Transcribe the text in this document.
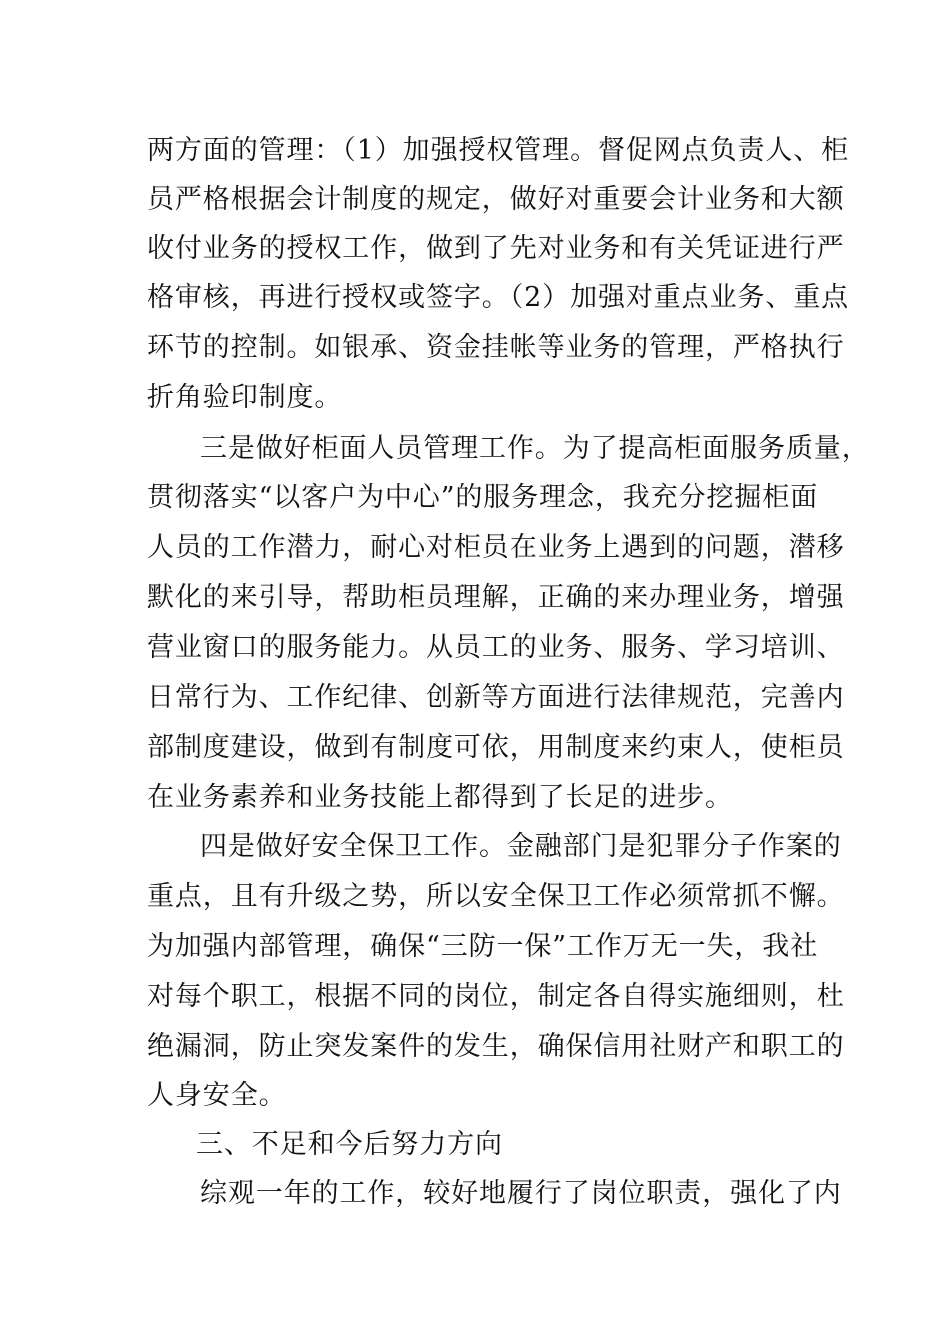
两方面的管理：（1）加强授权管理。督促网点负责人、柜
员严格根据会计制度的规定，做好对重要会计业务和大额
收付业务的授权工作，做到了先对业务和有关凭证进行严
格审核，再进行授权或签字。（2）加强对重点业务、重点
环节的控制。如银承、资金挂帐等业务的管理，严格执行
折角验印制度。
三是做好柜面人员管理工作。为了提高柜面服务质量，
贯彻落实“以客户为中心”的服务理念，我充分挖掘柜面
人员的工作潜力，耐心对柜员在业务上遇到的问题，潜移
默化的来引导，帮助柜员理解，正确的来办理业务，增强
营业窗口的服务能力。从员工的业务、服务、学习培训、
日常行为、工作纪律、创新等方面进行法律规范，完善内
部制度建设，做到有制度可依，用制度来约束人，使柜员
在业务素养和业务技能上都得到了长足的进步。
四是做好安全保卫工作。金融部门是犯罪分子作案的
重点，且有升级之势，所以安全保卫工作必须常抓不懈。
为加强内部管理，确保“三防一保”工作万无一失，我社
对每个职工，根据不同的岗位，制定各自得实施细则，杜
绝漏洞，防止突发案件的发生，确保信用社财产和职工的
人身安全。
三、不足和今后努力方向
综观一年的工作，较好地履行了岗位职责，强化了内
